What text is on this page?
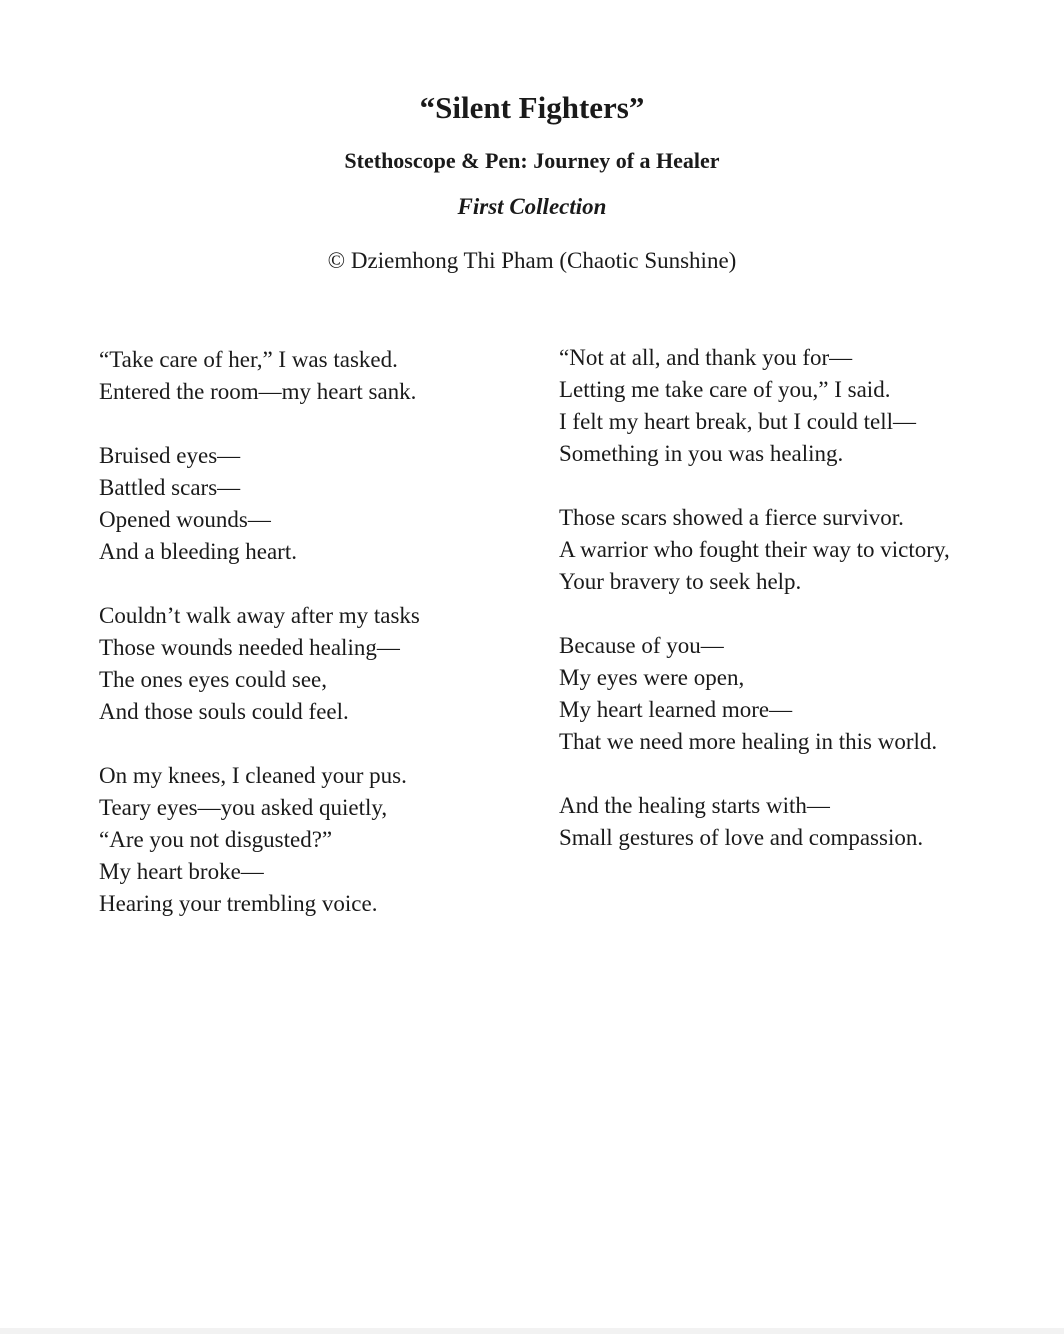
“Silent Fighters”
Stethoscope & Pen: Journey of a Healer
First Collection
© Dziemhong Thi Pham (Chaotic Sunshine)
“Take care of her,” I was tasked.
Entered the room—my heart sank.
Bruised eyes—
Battled scars—
Opened wounds—
And a bleeding heart.
Couldn’t walk away after my tasks
Those wounds needed healing—
The ones eyes could see,
And those souls could feel.
On my knees, I cleaned your pus.
Teary eyes—you asked quietly,
“Are you not disgusted?”
My heart broke—
Hearing your trembling voice.
“Not at all, and thank you for—
Letting me take care of you,” I said.
I felt my heart break, but I could tell—
Something in you was healing.
Those scars showed a fierce survivor.
A warrior who fought their way to victory,
Your bravery to seek help.
Because of you—
My eyes were open,
My heart learned more—
That we need more healing in this world.
And the healing starts with—
Small gestures of love and compassion.
